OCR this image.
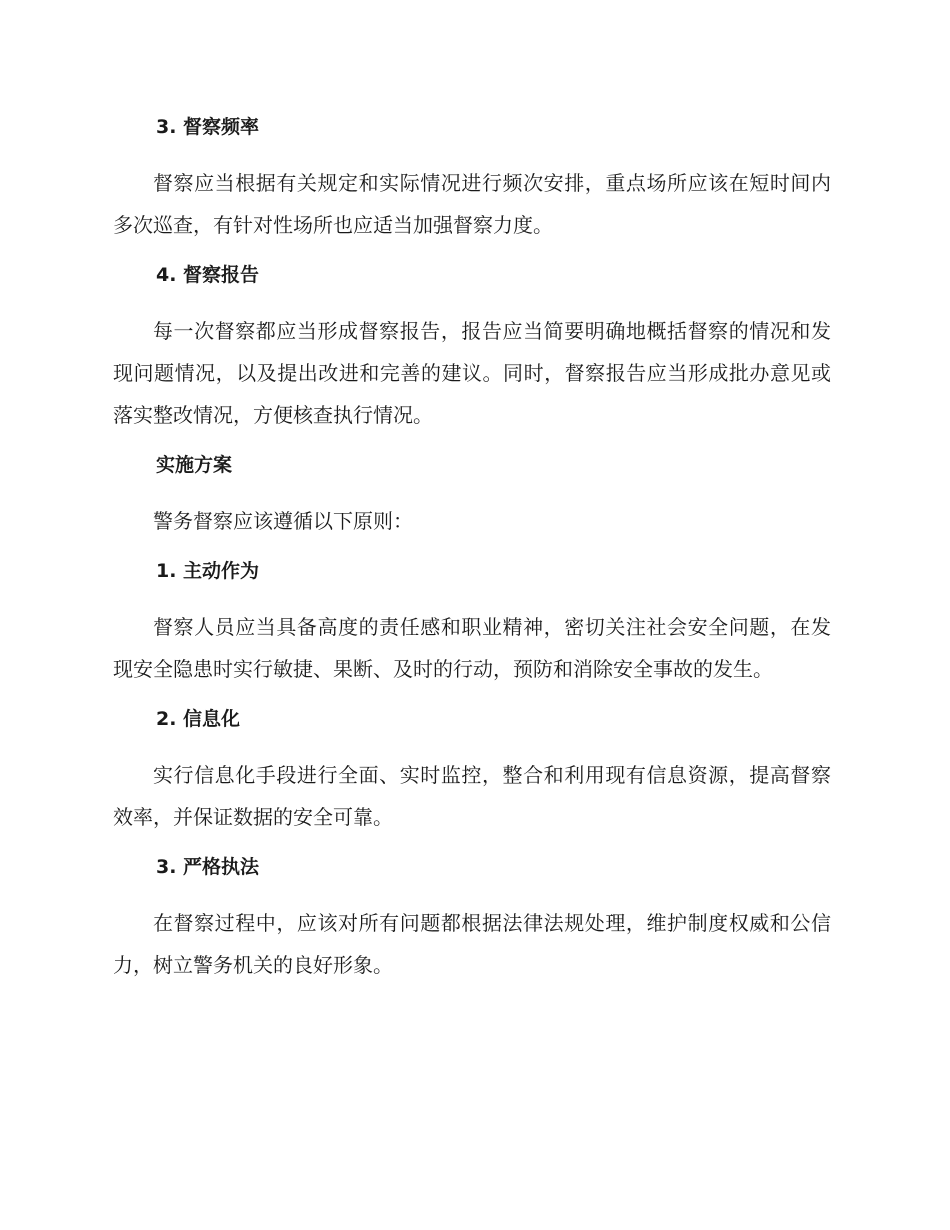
3. 督察频率

督察应当根据有关规定和实际情况进行频次安排，重点场所应该在短时间内多次巡查，有针对性场所也应适当加强督察力度。

4. 督察报告

每一次督察都应当形成督察报告，报告应当简要明确地概括督察的情况和发现问题情况，以及提出改进和完善的建议。同时，督察报告应当形成批办意见或落实整改情况，方便核查执行情况。

实施方案

警务督察应该遵循以下原则：

1. 主动作为

督察人员应当具备高度的责任感和职业精神，密切关注社会安全问题，在发现安全隐患时实行敏捷、果断、及时的行动，预防和消除安全事故的发生。

2. 信息化

实行信息化手段进行全面、实时监控，整合和利用现有信息资源，提高督察效率，并保证数据的安全可靠。

3. 严格执法

在督察过程中，应该对所有问题都根据法律法规处理，维护制度权威和公信力，树立警务机关的良好形象。
